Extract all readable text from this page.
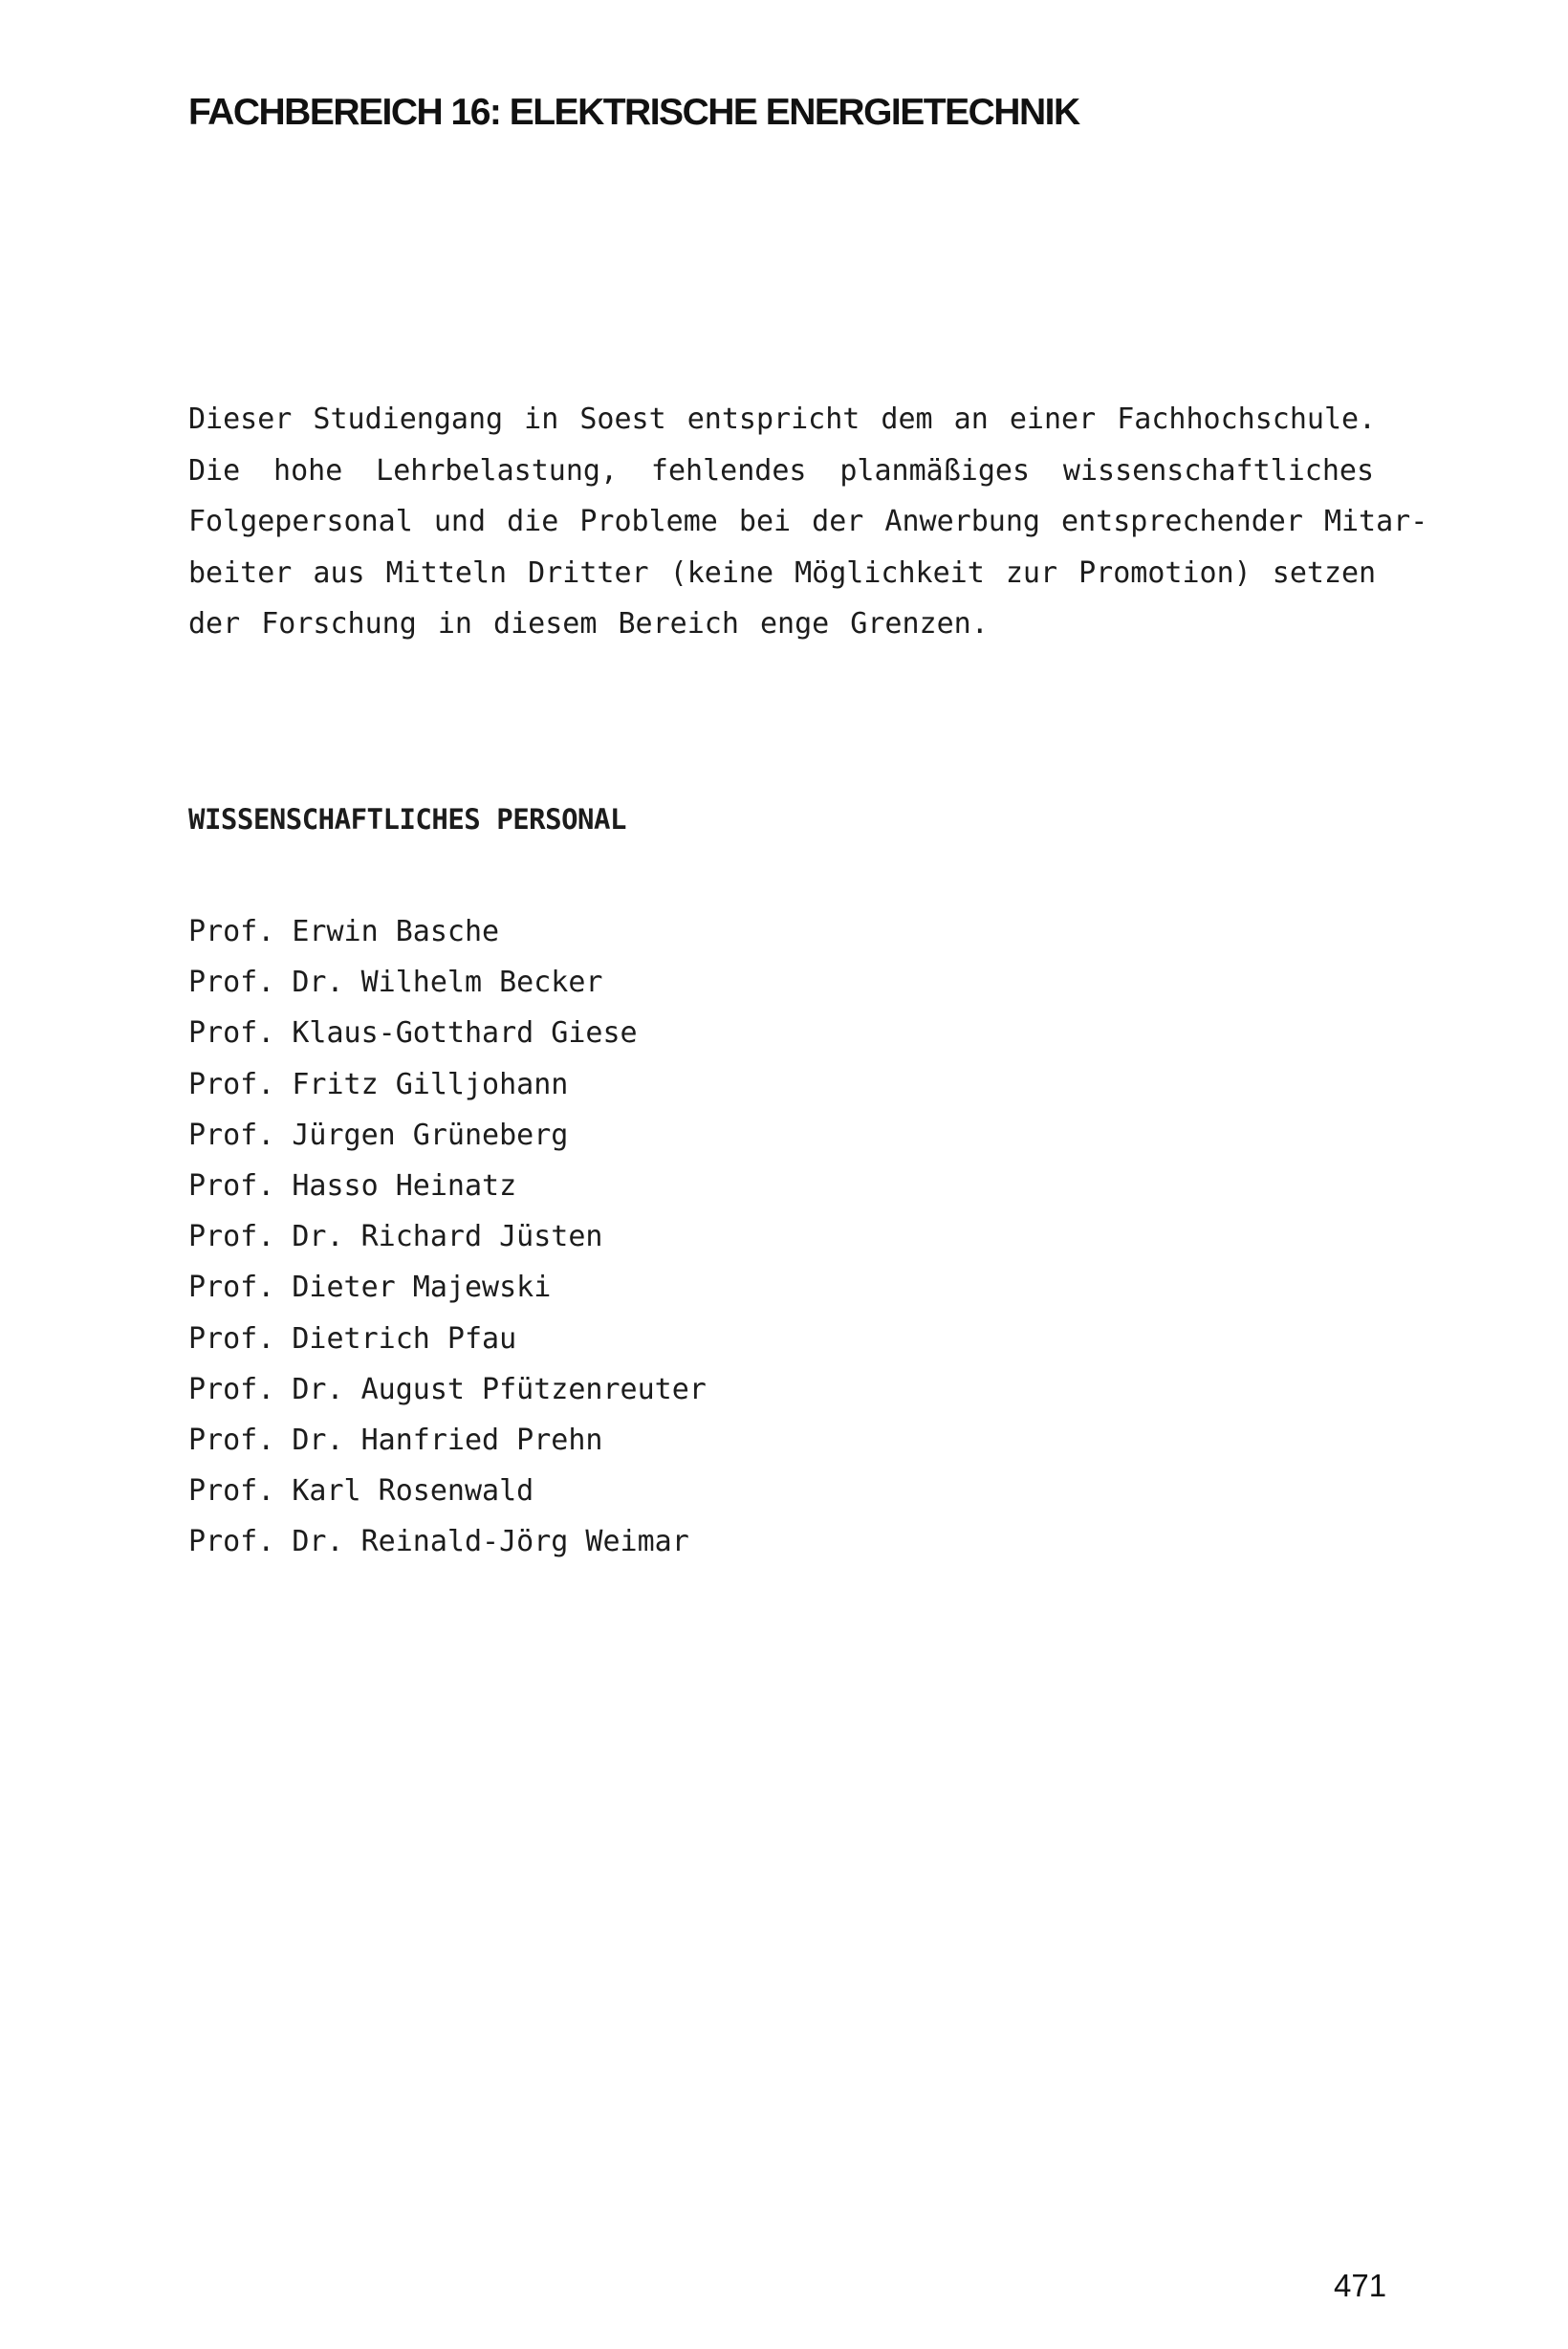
FACHBEREICH 16: ELEKTRISCHE ENERGIETECHNIK
Dieser Studiengang in Soest entspricht dem an einer Fachhochschule.
Die hohe Lehrbelastung, fehlendes planmäßiges wissenschaftliches
Folgepersonal und die Probleme bei der Anwerbung entsprechender Mitar-
beiter aus Mitteln Dritter (keine Möglichkeit zur Promotion) setzen
der Forschung in diesem Bereich enge Grenzen.
WISSENSCHAFTLICHES PERSONAL
Prof. Erwin Basche
Prof. Dr. Wilhelm Becker
Prof. Klaus-Gotthard Giese
Prof. Fritz Gilljohann
Prof. Jürgen Grüneberg
Prof. Hasso Heinatz
Prof. Dr. Richard Jüsten
Prof. Dieter Majewski
Prof. Dietrich Pfau
Prof. Dr. August Pfützenreuter
Prof. Dr. Hanfried Prehn
Prof. Karl Rosenwald
Prof. Dr. Reinald-Jörg Weimar
471
